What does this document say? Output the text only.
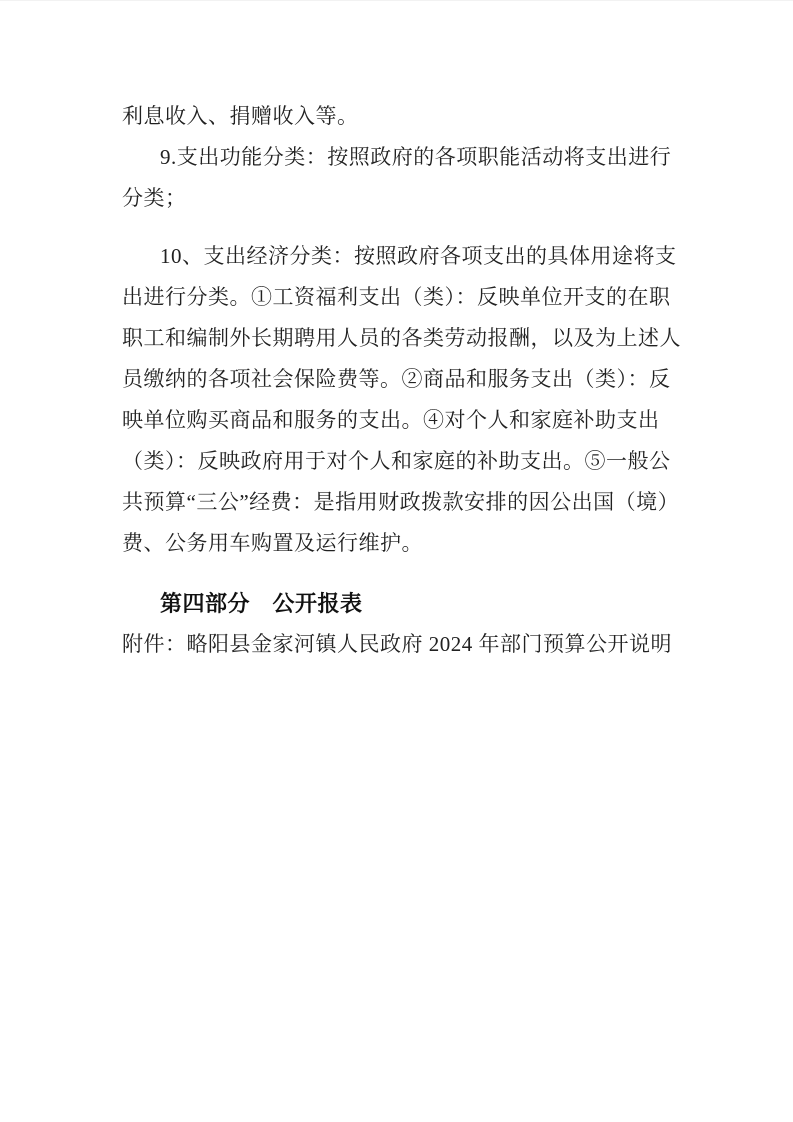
利息收入、捐赠收入等。
9.支出功能分类：按照政府的各项职能活动将支出进行
分类；
10、支出经济分类：按照政府各项支出的具体用途将支
出进行分类。①工资福利支出（类）：反映单位开支的在职
职工和编制外长期聘用人员的各类劳动报酬，以及为上述人
员缴纳的各项社会保险费等。②商品和服务支出（类）：反
映单位购买商品和服务的支出。④对个人和家庭补助支出
（类）：反映政府用于对个人和家庭的补助支出。⑤一般公
共预算“三公”经费：是指用财政拨款安排的因公出国（境）
费、公务用车购置及运行维护。
第四部分　公开报表
附件：略阳县金家河镇人民政府 2024 年部门预算公开说明
